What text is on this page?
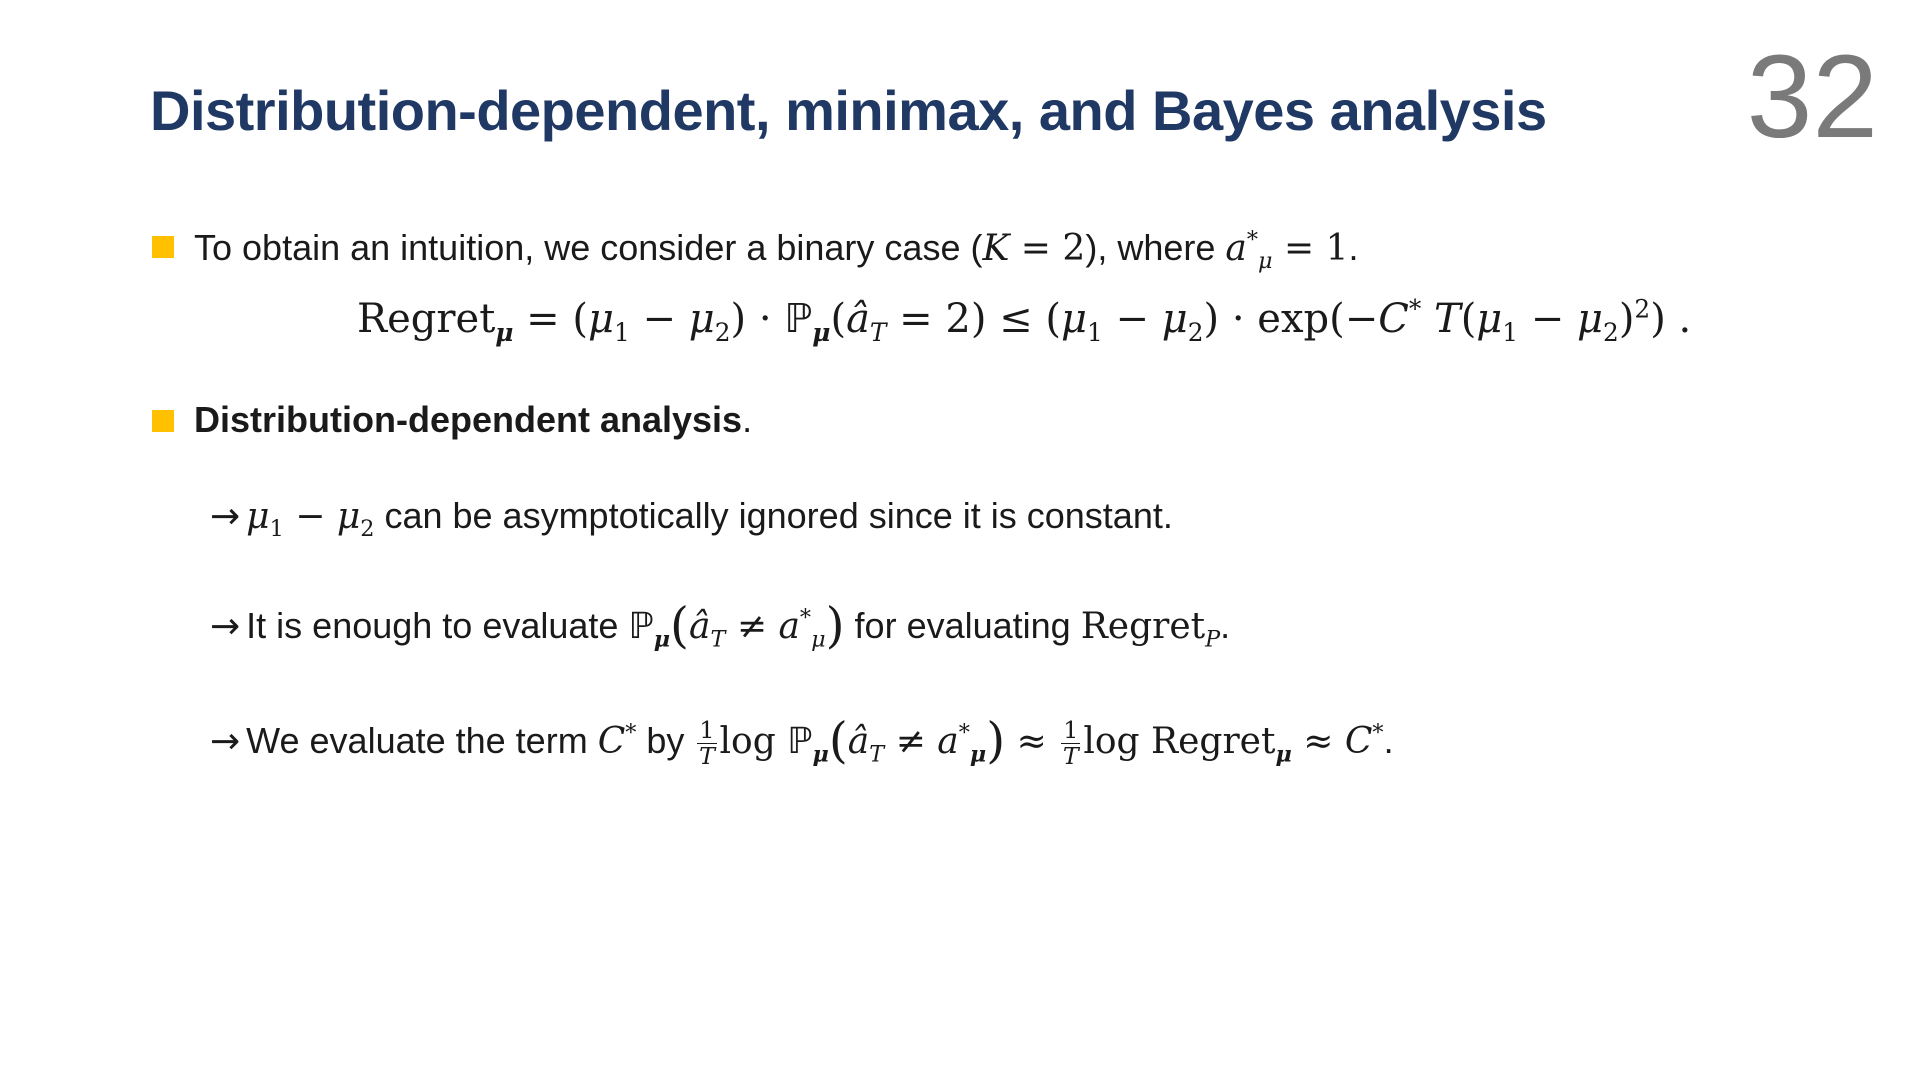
32
Distribution-dependent, minimax, and Bayes analysis
To obtain an intuition, we consider a binary case (K = 2), where $a^*_\mu = 1$.
Regret$_\mu$ = $(\mu_1 - \mu_2)$ · $ℙ_\mu(â_T = 2) \le (\mu_1 - \mu_2) \cdot \exp(-C^*$ $T(\mu_1 - \mu_2)^2$) .
Distribution-dependent analysis.
→ $\mu_1 - \mu_2$ can be asymptotically ignored since it is constant.
→ It is enough to evaluate $ℙ_\mu(â_T \ne a^*_\mu)$ for evaluating Regret$_P$.
→ We evaluate the term C* by $\frac{1}{T}$ $\log ℙ_\mu(â_T \ne a^*_\mu) \approx \frac{1}{T}$ log Regret$_\mu$ ≈ C*.
